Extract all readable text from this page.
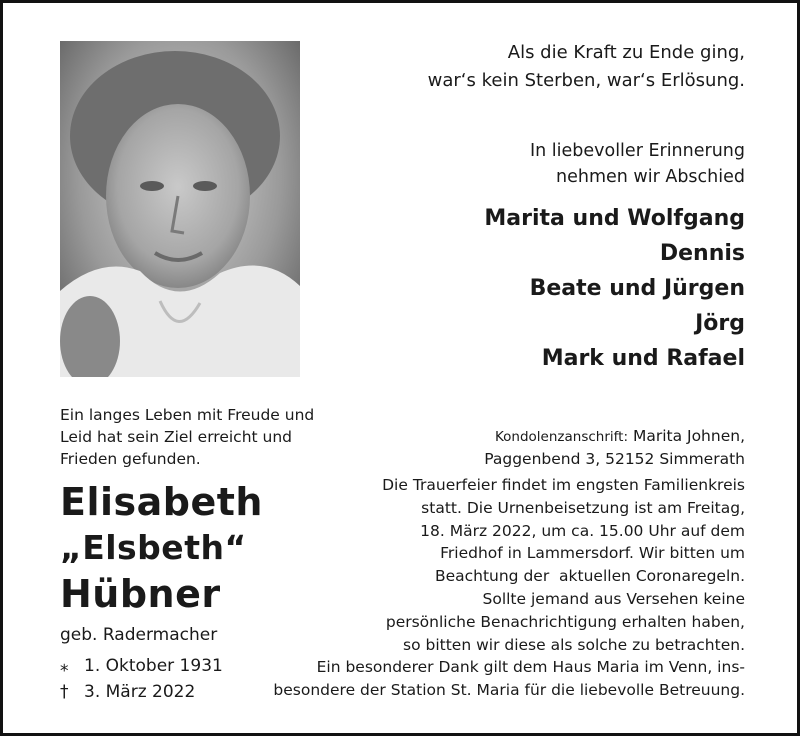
Als die Kraft zu Ende ging,
war‘s kein Sterben, war‘s Erlösung.
In liebevoller Erinnerung
nehmen wir Abschied
Marita und Wolfgang
Dennis
Beate und Jürgen
Jörg
Mark und Rafael
Ein langes Leben mit Freude und
Leid hat sein Ziel erreicht und
Frieden gefunden.
Elisabeth
„Elsbeth“
Hübner
geb. Radermacher
⁎ 1. Oktober 1931
† 3. März 2022
Kondolenzanschrift: Marita Johnen,
Paggenbend 3, 52152 Simmerath
Die Trauerfeier findet im engsten Familienkreis
statt. Die Urnenbeisetzung ist am Freitag,
18. März 2022, um ca. 15.00 Uhr auf dem
Friedhof in Lammersdorf. Wir bitten um
Beachtung der  aktuellen Coronaregeln.
Sollte jemand aus Versehen keine
persönliche Benachrichtigung erhalten haben,
so bitten wir diese als solche zu betrachten.
Ein besonderer Dank gilt dem Haus Maria im Venn, ins-
besondere der Station St. Maria für die liebevolle Betreuung.
